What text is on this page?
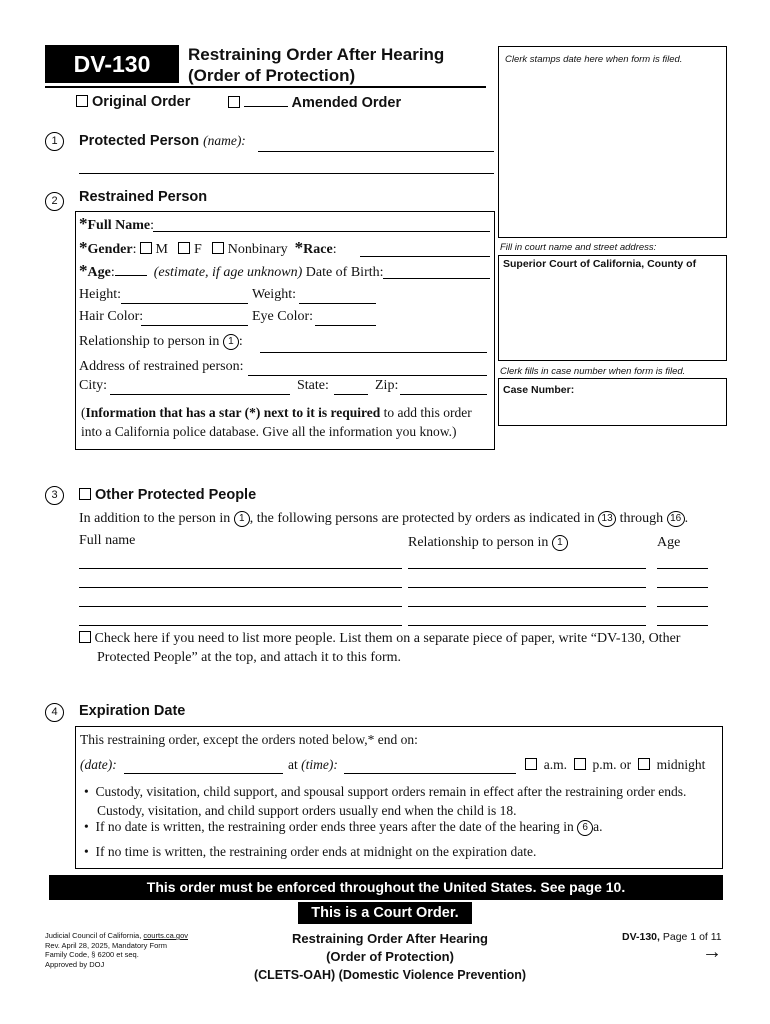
DV-130	Restraining Order After Hearing
(Order of Protection)
Original Order	Amended Order
Clerk stamps date here when form is filed.
Fill in court name and street address:
Superior Court of California, County of
Clerk fills in case number when form is filed.
Case Number:
1	Protected Person (name):
2	Restrained Person
*Full Name:
*Gender:  M F Nonbinary *Race:
*Age:	(estimate, if age unknown) Date of Birth:
Height:	Weight:
Hair Color:	Eye Color:
Relationship to person in 1 :
Address of restrained person:
City:	State:	Zip:
(Information that has a star (*) next to it is required to add this order into a California police database. Give all the information you know.)
3	Other Protected People
In addition to the person in 1 , the following persons are protected by orders as indicated in 13 through 16 .
Full name	Relationship to person in 1	Age
Check here if you need to list more people. List them on a separate piece of paper, write “DV-130, Other
Protected People” at the top, and attach it to this form.
4	Expiration Date
This restraining order, except the orders noted below,* end on:
(date):	at (time):	a.m. p.m. or midnight
•  Custody, visitation, child support, and spousal support orders remain in effect after the restraining order ends.
Custody, visitation, and child support orders usually end when the child is 18.
•  If no date is written, the restraining order ends three years after the date of the hearing in 6 a.
•  If no time is written, the restraining order ends at midnight on the expiration date.
This order must be enforced throughout the United States. See page 10.
This is a Court Order.
Judicial Council of California, courts.ca.gov
Rev. April 28, 2025, Mandatory Form
Family Code, § 6200 et seq.
Approved by DOJ
Restraining Order After Hearing
(Order of Protection)
(CLETS-OAH) (Domestic Violence Prevention)
DV-130, Page 1 of 11
→
